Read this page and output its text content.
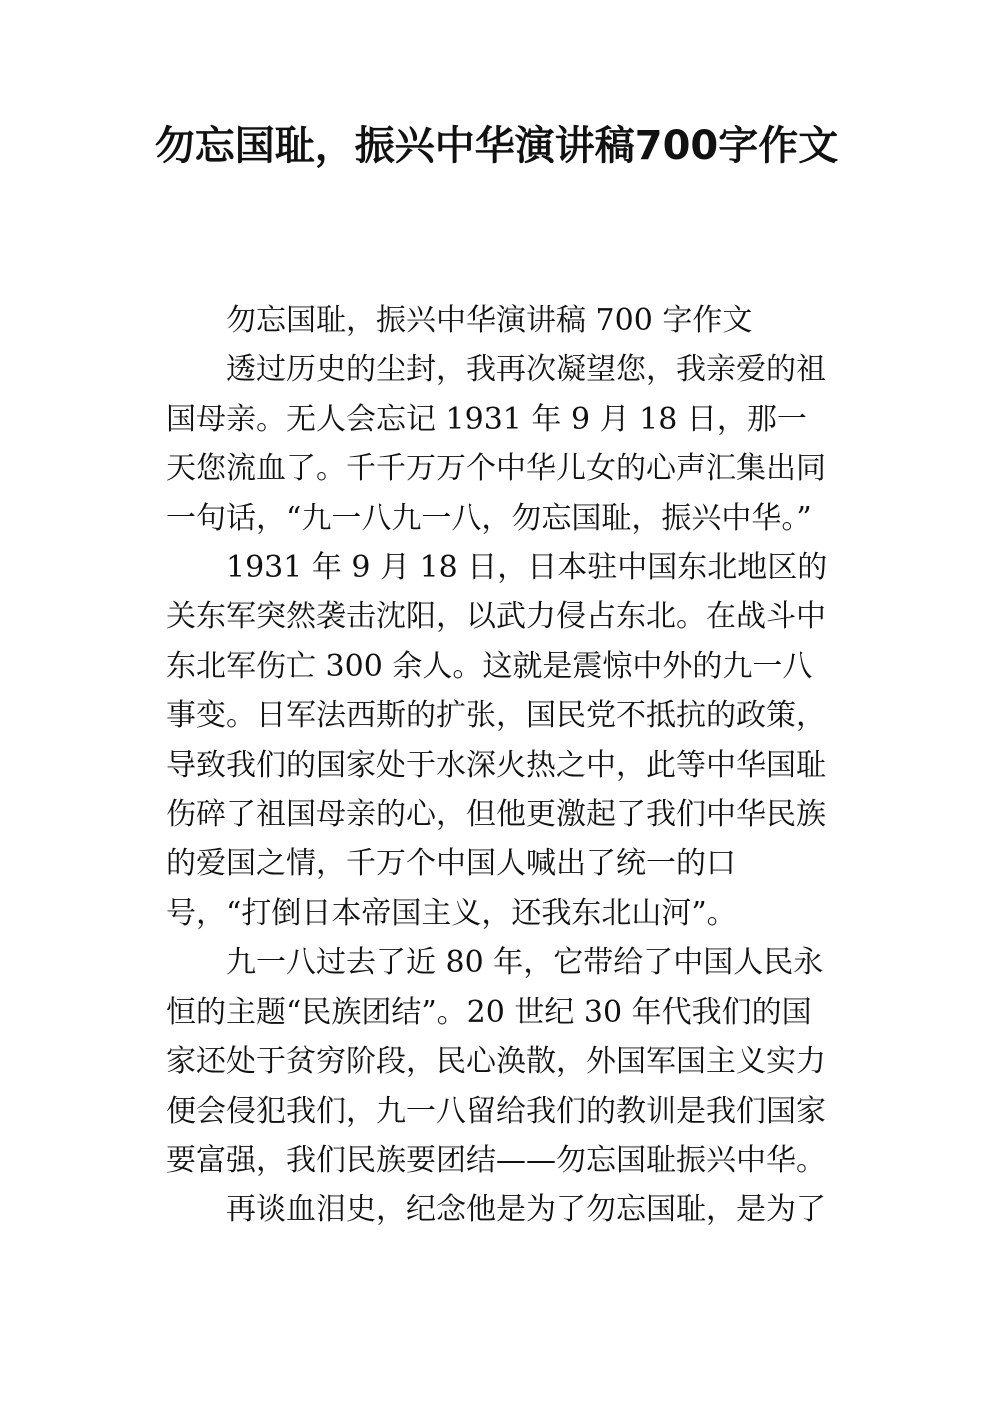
勿忘国耻，振兴中华演讲稿700字作文

勿忘国耻，振兴中华演讲稿 700 字作文

透过历史的尘封，我再次凝望您，我亲爱的祖国母亲。无人会忘记 1931 年 9 月 18 日，那一天您流血了。千千万万个中华儿女的心声汇集出同一句话，“九一八九一八，勿忘国耻，振兴中华。”

1931 年 9 月 18 日，日本驻中国东北地区的关东军突然袭击沈阳，以武力侵占东北。在战斗中东北军伤亡 300 余人。这就是震惊中外的九一八事变。日军法西斯的扩张，国民党不抵抗的政策，导致我们的国家处于水深火热之中，此等中华国耻伤碎了祖国母亲的心，但他更激起了我们中华民族的爱国之情，千万个中国人喊出了统一的口号，“打倒日本帝国主义，还我东北山河”。

九一八过去了近 80 年，它带给了中国人民永恒的主题“民族团结”。20 世纪 30 年代我们的国家还处于贫穷阶段，民心涣散，外国军国主义实力便会侵犯我们，九一八留给我们的教训是我们国家要富强，我们民族要团结——勿忘国耻振兴中华。

再谈血泪史，纪念他是为了勿忘国耻，是为了
